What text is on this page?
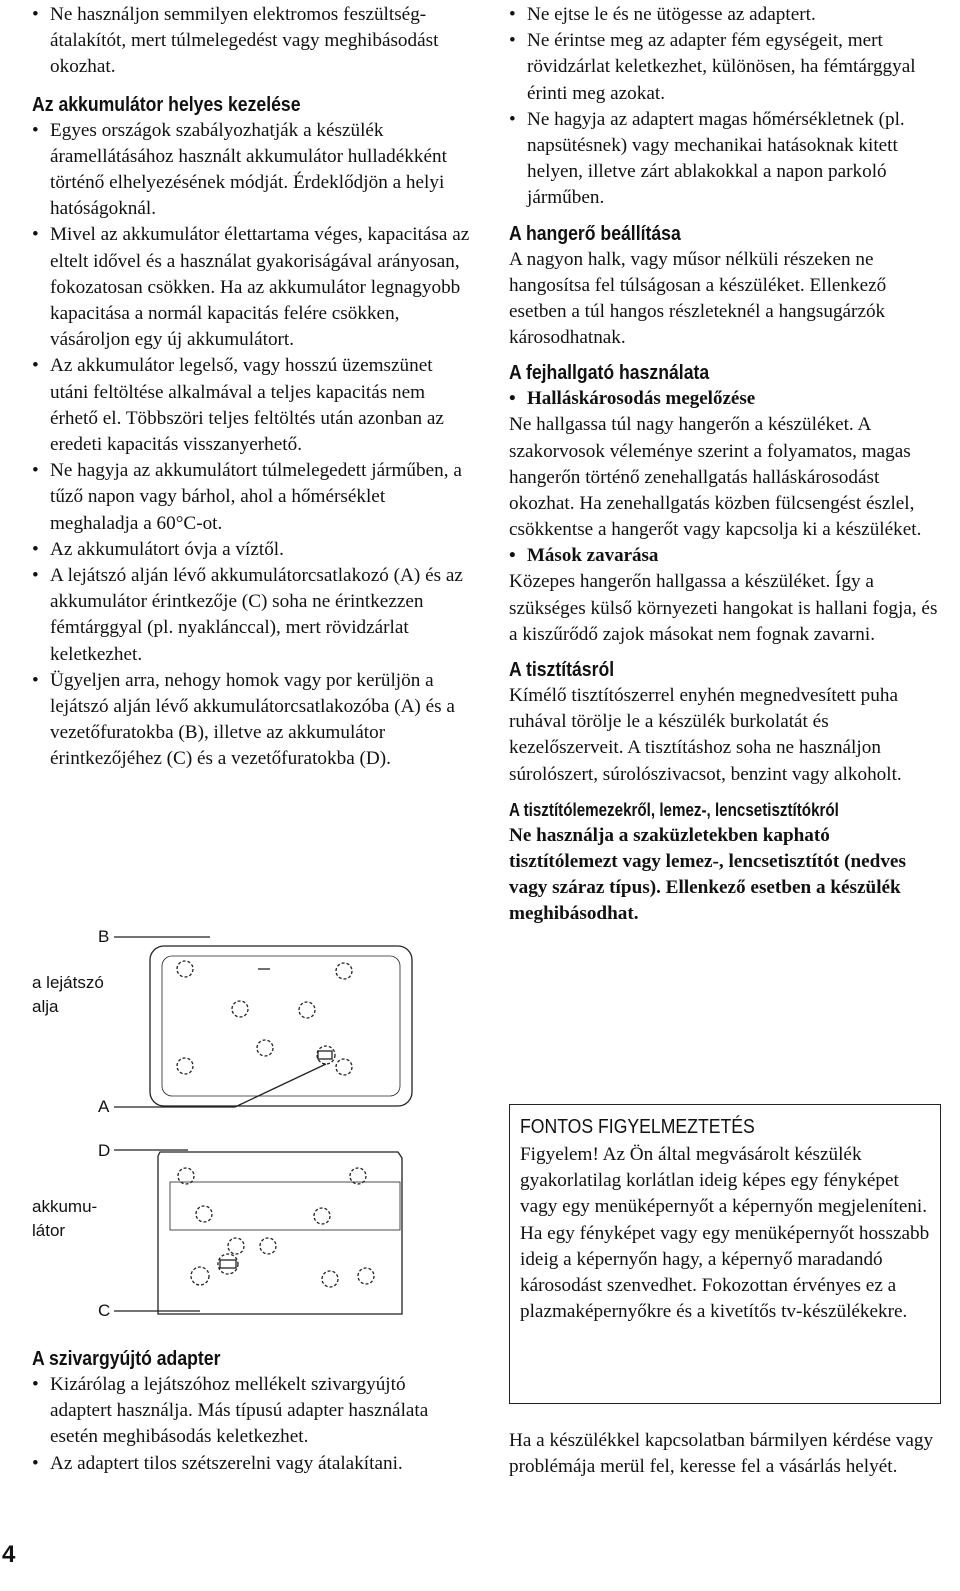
• Ne használjon semmilyen elektromos feszültség-átalakítót, mert túlmelegedést vagy meghibásodást okozhat.
Az akkumulátor helyes kezelése
• Egyes országok szabályozhatják a készülék áramellátásához használt akkumulátor hulladékként történő elhelyezésének módját. Érdeklődjön a helyi hatóságoknál.
• Mivel az akkumulátor élettartama véges, kapacitása az eltelt idővel és a használat gyakoriságával arányosan, fokozatosan csökken. Ha az akkumulátor legnagyobb kapacitása a normál kapacitás felére csökken, vásároljon egy új akkumulátort.
• Az akkumulátor legelső, vagy hosszú üzemszünet utáni feltöltése alkalmával a teljes kapacitás nem érhető el. Többszöri teljes feltöltés után azonban az eredeti kapacitás visszanyerhető.
• Ne hagyja az akkumulátort túlmelegedett járműben, a tűző napon vagy bárhol, ahol a hőmérséklet meghaladja a 60°C-ot.
• Az akkumulátort óvja a víztől.
• A lejátszó alján lévő akkumulátorcsatlakozó (A) és az akkumulátor érintkezője (C) soha ne érintkezzen fémtárggyal (pl. nyaklánccal), mert rövidzárlat keletkezhet.
• Ügyeljen arra, nehogy homok vagy por kerüljön a lejátszó alján lévő akkumulátorcsatlakozóba (A) és a vezetőfuratokba (B), illetve az akkumulátor érintkezőjéhez (C) és a vezetőfuratokba (D).
B
a lejátszó
alja
A
D
akkumu-
látor
C
A szivargyújtó adapter
• Kizárólag a lejátszóhoz mellékelt szivargyújtó adaptert használja. Más típusú adapter használata esetén meghibásodás keletkezhet.
• Az adaptert tilos szétszerelni vagy átalakítani.
• Ne ejtse le és ne ütögesse az adaptert.
• Ne érintse meg az adapter fém egységeit, mert rövidzárlat keletkezhet, különösen, ha fémtárggyal érinti meg azokat.
• Ne hagyja az adaptert magas hőmérsékletnek (pl. napsütésnek) vagy mechanikai hatásoknak kitett helyen, illetve zárt ablakokkal a napon parkoló járműben.
A hangerő beállítása
A nagyon halk, vagy műsor nélküli részeken ne hangosítsa fel túlságosan a készüléket. Ellenkező esetben a túl hangos részleteknél a hangsugárzók károsodhatnak.
A fejhallgató használata
• Halláskárosodás megelőzése
Ne hallgassa túl nagy hangerőn a készüléket. A szakorvosok véleménye szerint a folyamatos, magas hangerőn történő zenehallgatás halláskárosodást okozhat. Ha zenehallgatás közben fülcsengést észlel, csökkentse a hangerőt vagy kapcsolja ki a készüléket.
• Mások zavarása
Közepes hangerőn hallgassa a készüléket. Így a szükséges külső környezeti hangokat is hallani fogja, és a kiszűrődő zajok másokat nem fognak zavarni.
A tisztításról
Kímélő tisztítószerrel enyhén megnedvesített puha ruhával törölje le a készülék burkolatát és kezelőszerveit. A tisztításhoz soha ne használjon súrolószert, súrolószivacsot, benzint vagy alkoholt.
A tisztítólemezekről, lemez-, lencsetisztítókról
Ne használja a szaküzletekben kapható tisztítólemezt vagy lemez-, lencsetisztítót (nedves vagy száraz típus). Ellenkező esetben a készülék meghibásodhat.
FONTOS FIGYELMEZTETÉS
Figyelem! Az Ön által megvásárolt készülék gyakorlatilag korlátlan ideig képes egy fényképet vagy egy menüképernyőt a képernyőn megjeleníteni. Ha egy fényképet vagy egy menüképernyőt hosszabb ideig a képernyőn hagy, a képernyő maradandó károsodást szenvedhet. Fokozottan érvényes ez a plazmaképernyőkre és a kivetítős tv-készülékekre.
Ha a készülékkel kapcsolatban bármilyen kérdése vagy problémája merül fel, keresse fel a vásárlás helyét.
4
